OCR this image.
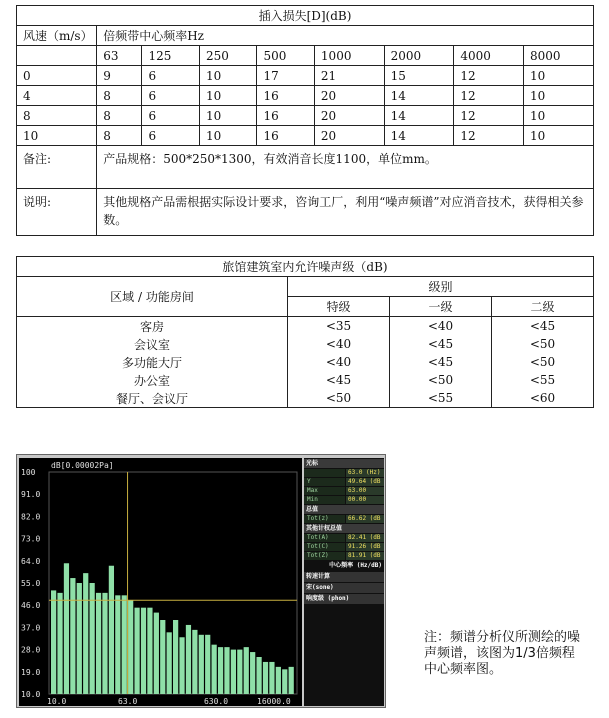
插入损失[D](dB)								
风速（m/s）	倍频带中心频率Hz							
	63	125	250	500	1000	2000	4000	8000
0	9	6	10	17	21	15	12	10
4	8	6	10	16	20	14	12	10
8	8	6	10	16	20	14	12	10
10	8	6	10	16	20	14	12	10
备注:	产品规格：500*250*1300，有效消音长度1100，单位mm。							
说明:	其他规格产品需根据实际设计要求，咨询工厂，利用“噪声频谱”对应消音技术，获得相关参数。							
旅馆建筑室内允许噪声级（dB)			
区域 / 功能房间	级别		
	特级	一级	二级
客房	<35	<40	<45
会议室	<40	<45	<50
多功能大厅	<40	<45	<50
办公室	<45	<50	<55
餐厅、会议厅	<50	<55	<60
100
91.0
82.0
73.0
64.0
55.0
46.0
37.0
28.0
19.0
10.0
dB[0.00002Pa]
10.0	63.0	630.0	16000.0
光标
63.0 (Hz)
Y	49.64 (dB
Max	63.00
Min	00.00
总值
Tot(z)	66.62 (dB
其他计权总值
Tot(A)	82.41 (dB
Tot(C)	91.26 (dB
Tot(Z)	81.91 (dB
中心频率 (Hz/dB)
转速计算
宋(sone)
响度级 (phon)
注：频谱分析仪所测绘的噪声频谱，该图为1/3倍频程中心频率图。
